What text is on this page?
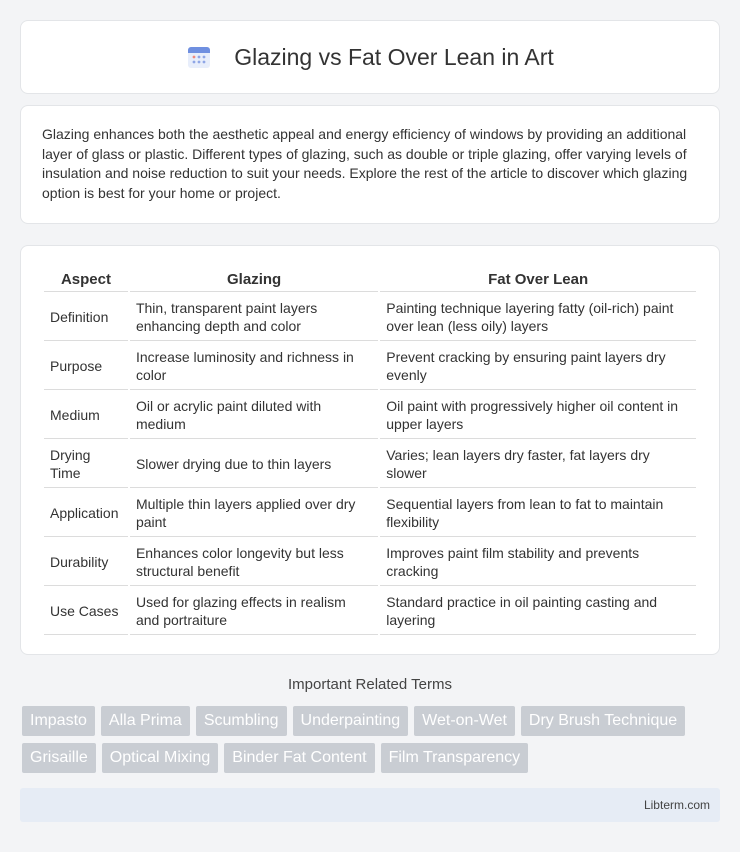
Glazing vs Fat Over Lean in Art

Glazing enhances both the aesthetic appeal and energy efficiency of windows by providing an additional layer of glass or plastic. Different types of glazing, such as double or triple glazing, offer varying levels of insulation and noise reduction to suit your needs. Explore the rest of the article to discover which glazing option is best for your home or project.

Aspect	Glazing	Fat Over Lean
Definition	Thin, transparent paint layers enhancing depth and color	Painting technique layering fatty (oil-rich) paint over lean (less oily) layers
Purpose	Increase luminosity and richness in color	Prevent cracking by ensuring paint layers dry evenly
Medium	Oil or acrylic paint diluted with medium	Oil paint with progressively higher oil content in upper layers
Drying Time	Slower drying due to thin layers	Varies; lean layers dry faster, fat layers dry slower
Application	Multiple thin layers applied over dry paint	Sequential layers from lean to fat to maintain flexibility
Durability	Enhances color longevity but less structural benefit	Improves paint film stability and prevents cracking
Use Cases	Used for glazing effects in realism and portraiture	Standard practice in oil painting casting and layering
Important Related Terms
Impasto	Alla Prima	Scumbling	Underpainting	Wet-on-Wet	Dry Brush Technique
Grisaille	Optical Mixing	Binder Fat Content	Film Transparency
Libterm.com
